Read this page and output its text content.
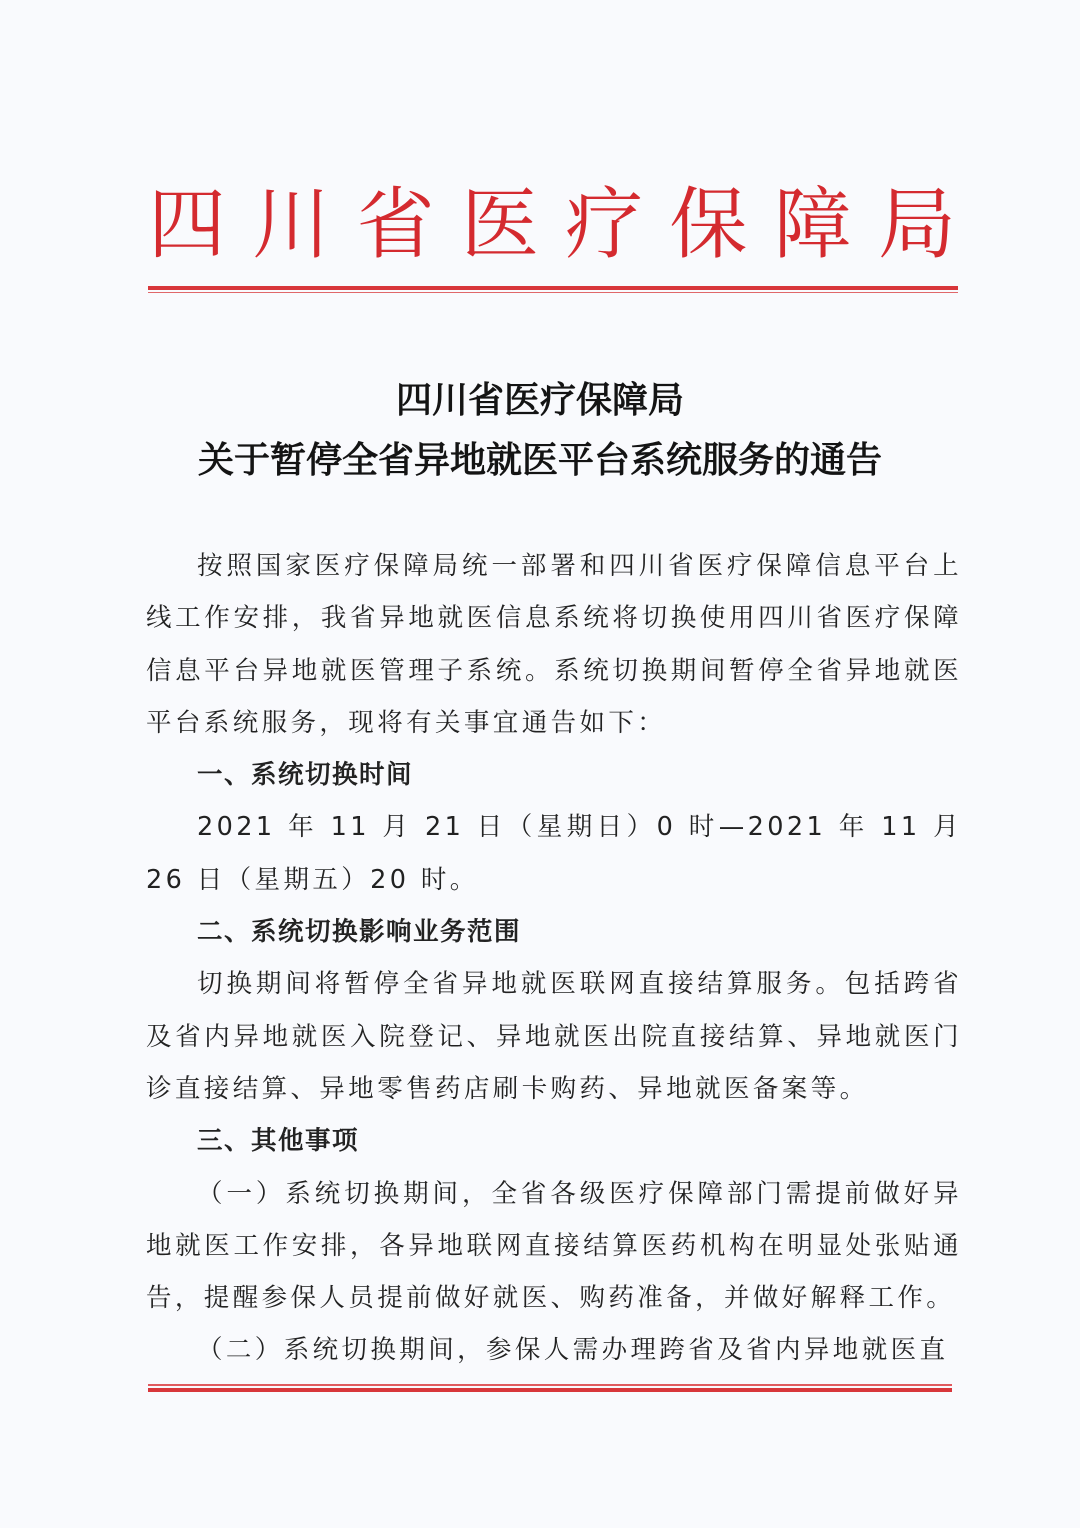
四 川 省 医 疗 保 障 局
四川省医疗保障局
关于暂停全省异地就医平台系统服务的通告

按照国家医疗保障局统一部署和四川省医疗保障信息平台上线工作安排，我省异地就医信息系统将切换使用四川省医疗保障信息平台异地就医管理子系统。系统切换期间暂停全省异地就医平台系统服务，现将有关事宜通告如下：

一、系统切换时间

2021 年 11 月 21 日（星期日）0 时—2021 年 11 月 26 日（星期五）20 时。

二、系统切换影响业务范围

切换期间将暂停全省异地就医联网直接结算服务。包括跨省及省内异地就医入院登记、异地就医出院直接结算、异地就医门诊直接结算、异地零售药店刷卡购药、异地就医备案等。

三、其他事项

（一）系统切换期间，全省各级医疗保障部门需提前做好异地就医工作安排，各异地联网直接结算医药机构在明显处张贴通告，提醒参保人员提前做好就医、购药准备，并做好解释工作。

（二）系统切换期间，参保人需办理跨省及省内异地就医直
